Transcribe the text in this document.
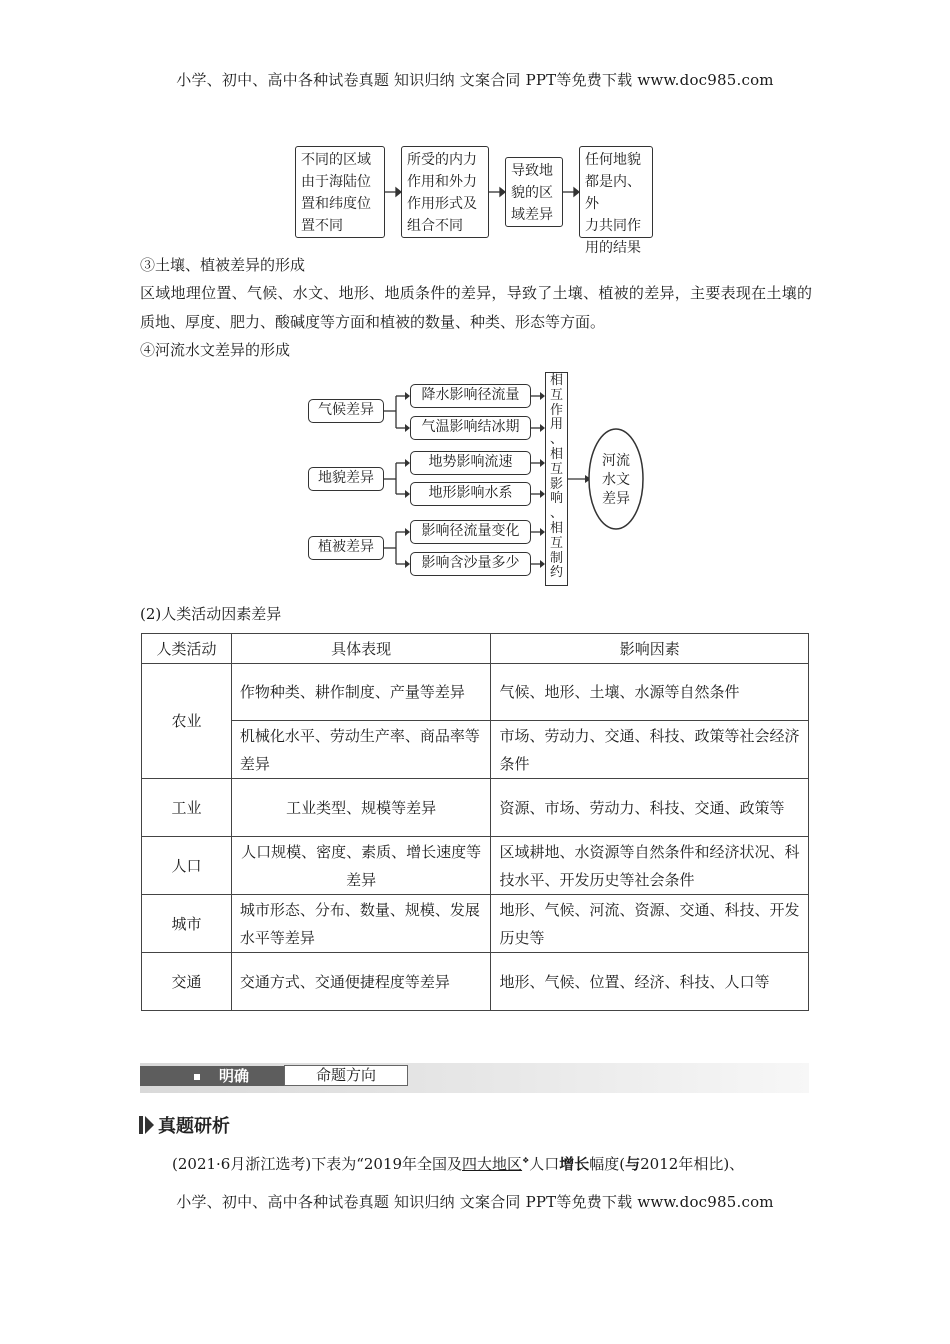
小学、初中、高中各种试卷真题 知识归纳 文案合同 PPT等免费下载 www.doc985.com
不同的区域
由于海陆位
置和纬度位
置不同
所受的内力
作用和外力
作用形式及
组合不同
导致地
貌的区
域差异
任何地貌
都是内、外
力共同作
用的结果
③土壤、植被差异的形成
区域地理位置、气候、水文、地形、地质条件的差异，导致了土壤、植被的差异，主要表现在土壤的质地、厚度、肥力、酸碱度等方面和植被的数量、种类、形态等方面。
④河流水文差异的形成
气候差异
地貌差异
植被差异
降水影响径流量
气温影响结冰期
地势影响流速
地形影响水系
影响径流量变化
影响含沙量多少
相
互
作
用
、
相
互
影
响
、
相
互
制
约
河流
水文
差异
(2)人类活动因素差异
人类活动	具体表现	影响因素
农业	作物种类、耕作制度、产量等差异	气候、地形、土壤、水源等自然条件
	机械化水平、劳动生产率、商品率等差异	市场、劳动力、交通、科技、政策等社会经济条件
工业	工业类型、规模等差异	资源、市场、劳动力、科技、交通、政策等
人口	人口规模、密度、素质、增长速度等差异	区域耕地、水资源等自然条件和经济状况、科技水平、开发历史等社会条件
城市	城市形态、分布、数量、规模、发展水平等差异	地形、气候、河流、资源、交通、科技、开发历史等
交通	交通方式、交通便捷程度等差异	地形、气候、位置、经济、科技、人口等
明确	命题方向
真题研析
(2021·6月浙江选考)下表为“2019年全国及四大地区❖人口增长幅度(与2012年相比)、
小学、初中、高中各种试卷真题 知识归纳 文案合同 PPT等免费下载 www.doc985.com
